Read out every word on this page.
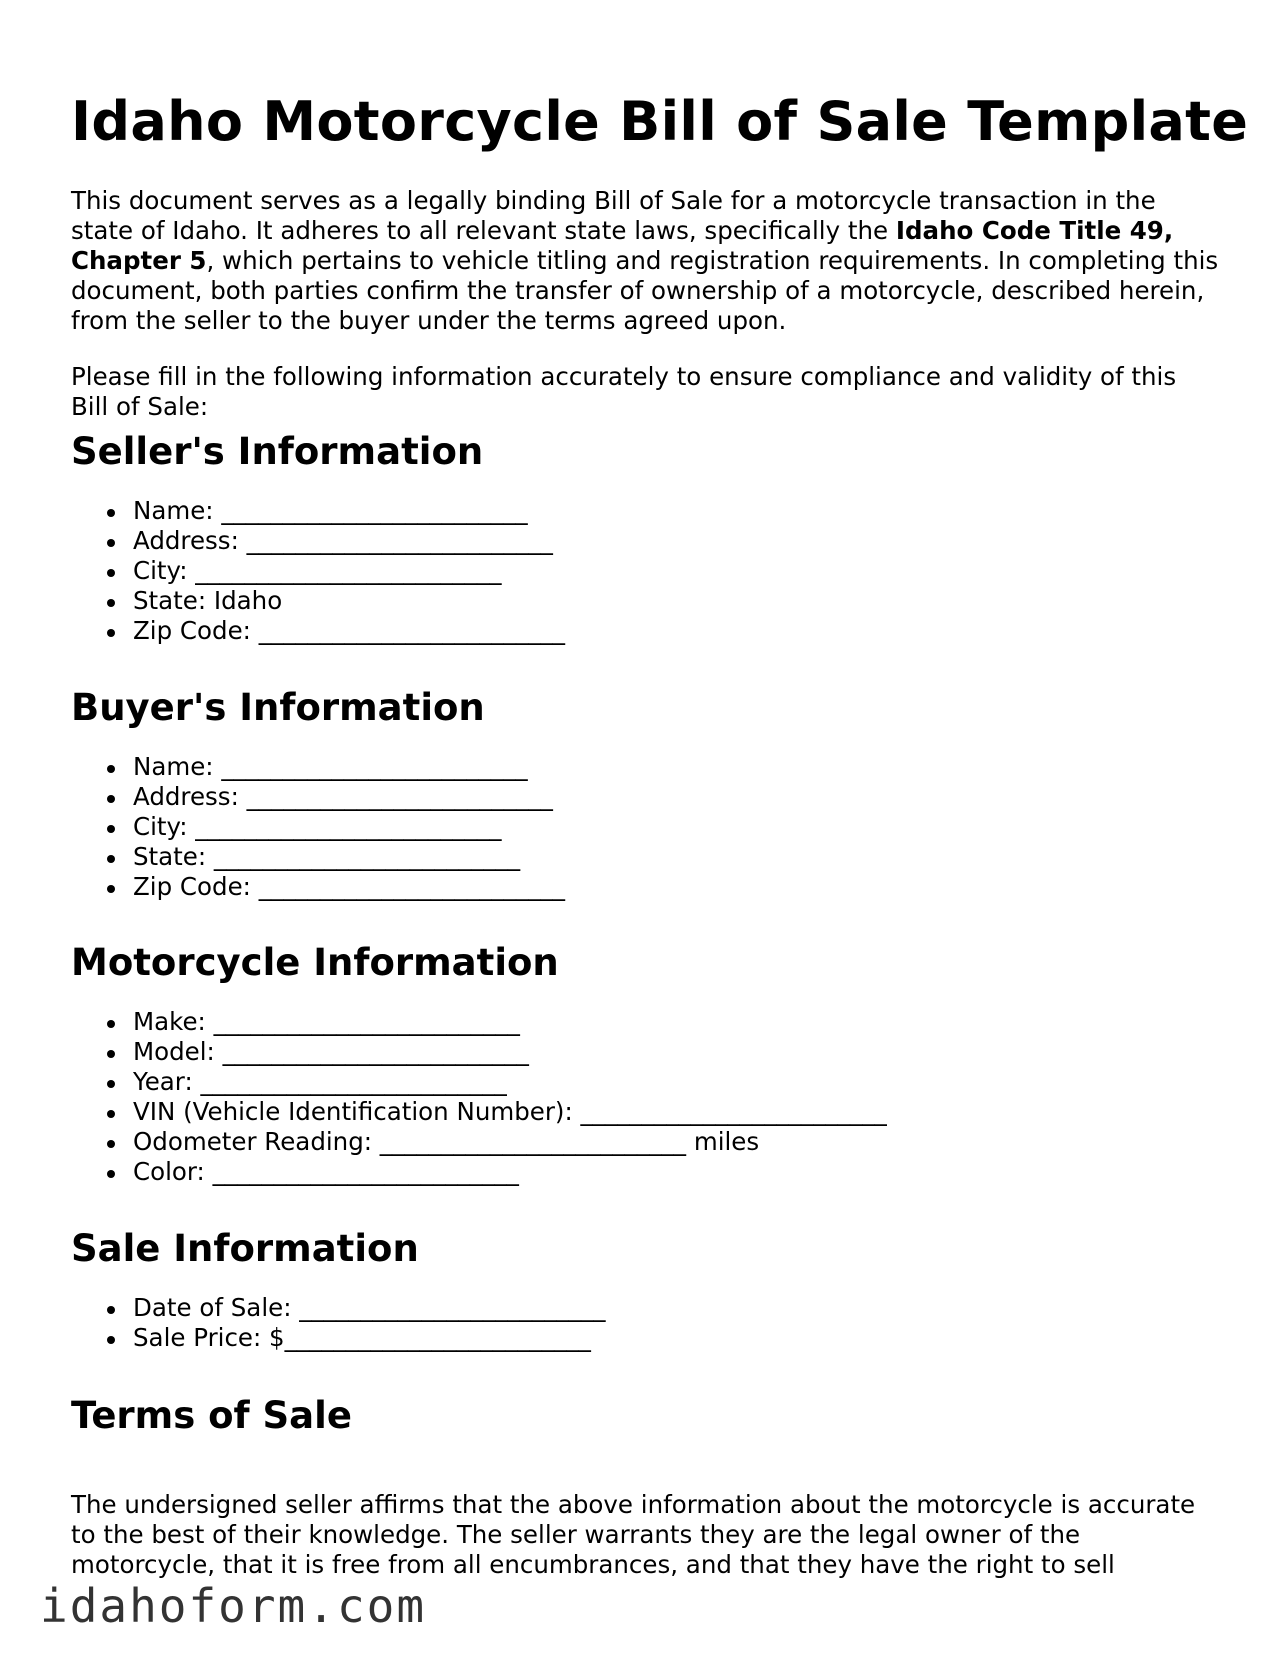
Idaho Motorcycle Bill of Sale Template

This document serves as a legally binding Bill of Sale for a motorcycle transaction in the state of Idaho. It adheres to all relevant state laws, specifically the Idaho Code Title 49, Chapter 5, which pertains to vehicle titling and registration requirements. In completing this document, both parties confirm the transfer of ownership of a motorcycle, described herein, from the seller to the buyer under the terms agreed upon.

Please fill in the following information accurately to ensure compliance and validity of this Bill of Sale:

Seller's Information
Name: _________________________
Address: _________________________
City: _________________________
State: Idaho
Zip Code: _________________________
Buyer's Information
Name: _________________________
Address: _________________________
City: _________________________
State: _________________________
Zip Code: _________________________
Motorcycle Information
Make: _________________________
Model: _________________________
Year: _________________________
VIN (Vehicle Identification Number): _________________________
Odometer Reading: _________________________ miles
Color: _________________________
Sale Information
Date of Sale: _________________________
Sale Price: $_________________________
Terms of Sale

The undersigned seller affirms that the above information about the motorcycle is accurate to the best of their knowledge. The seller warrants they are the legal owner of the motorcycle, that it is free from all encumbrances, and that they have the right to sell

idahoform.com
